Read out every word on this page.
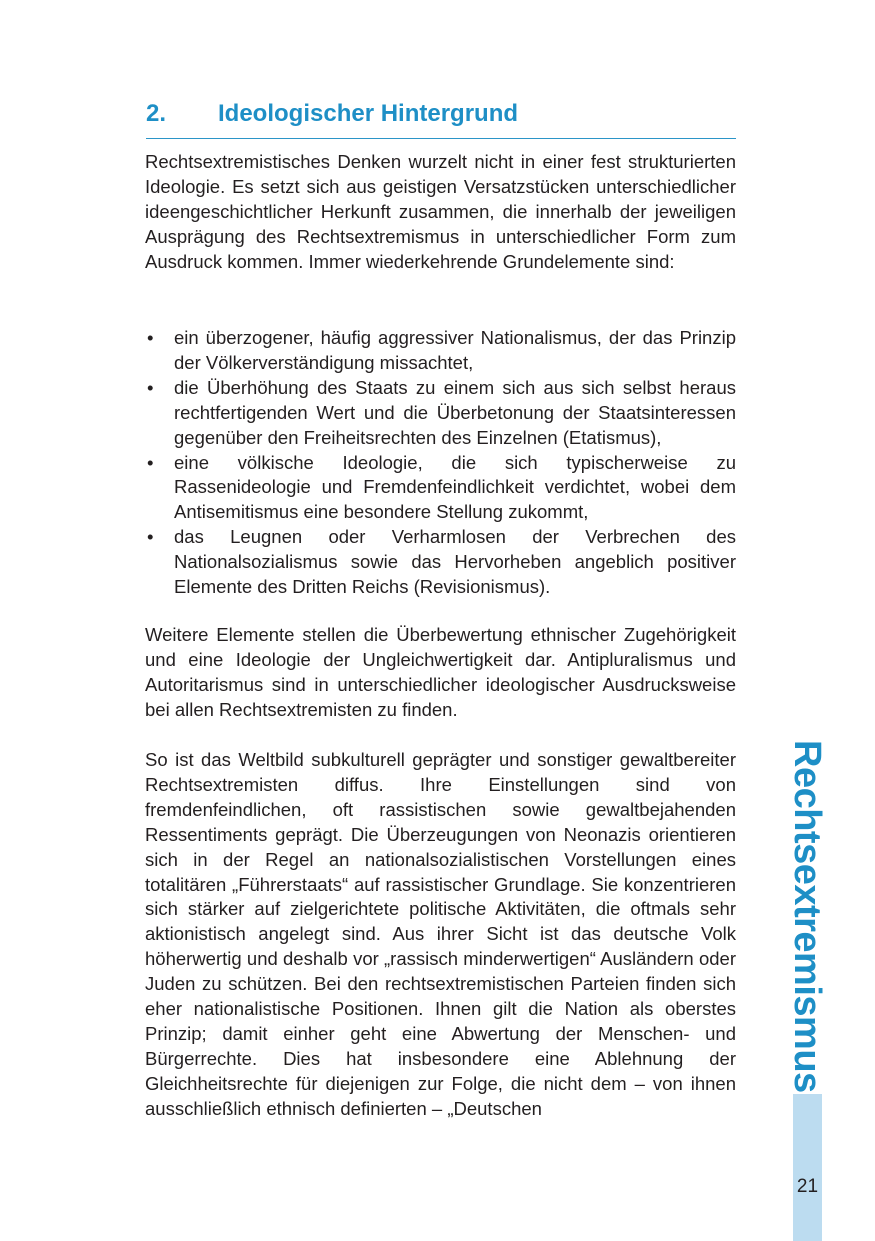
2. Ideologischer Hintergrund

Rechtsextremistisches Denken wurzelt nicht in einer fest strukturierten Ideologie. Es setzt sich aus geistigen Versatzstücken unterschiedlicher ideengeschichtlicher Herkunft zusammen, die innerhalb der jeweiligen Ausprägung des Rechtsextremismus in unterschiedlicher Form zum Ausdruck kommen. Immer wiederkehrende Grundelemente sind:

• ein überzogener, häufig aggressiver Nationalismus, der das Prinzip der Völkerverständigung missachtet,
• die Überhöhung des Staats zu einem sich aus sich selbst heraus rechtfertigenden Wert und die Überbetonung der Staatsinteressen gegenüber den Freiheitsrechten des Einzelnen (Etatismus),
• eine völkische Ideologie, die sich typischerweise zu Rassenideologie und Fremdenfeindlichkeit verdichtet, wobei dem Antisemitismus eine besondere Stellung zukommt,
• das Leugnen oder Verharmlosen der Verbrechen des Nationalsozialismus sowie das Hervorheben angeblich positiver Elemente des Dritten Reichs (Revisionismus).

Weitere Elemente stellen die Überbewertung ethnischer Zugehörigkeit und eine Ideologie der Ungleichwertigkeit dar. Antipluralismus und Autoritarismus sind in unterschiedlicher ideologischer Ausdrucksweise bei allen Rechtsextremisten zu finden.

So ist das Weltbild subkulturell geprägter und sonstiger gewaltbereiter Rechtsextremisten diffus. Ihre Einstellungen sind von fremdenfeindlichen, oft rassistischen sowie gewaltbejahenden Ressentiments geprägt. Die Überzeugungen von Neonazis orientieren sich in der Regel an nationalsozialistischen Vorstellungen eines totalitären „Führerstaats“ auf rassistischer Grundlage. Sie konzentrieren sich stärker auf zielgerichtete politische Aktivitäten, die oftmals sehr aktionistisch angelegt sind. Aus ihrer Sicht ist das deutsche Volk höherwertig und deshalb vor „rassisch minderwertigen“ Ausländern oder Juden zu schützen. Bei den rechtsextremistischen Parteien finden sich eher nationalistische Positionen. Ihnen gilt die Nation als oberstes Prinzip; damit einher geht eine Abwertung der Menschen- und Bürgerrechte. Dies hat insbesondere eine Ablehnung der Gleichheitsrechte für diejenigen zur Folge, die nicht dem – von ihnen ausschließlich ethnisch definierten – „Deutschen

Rechtsextremismus
21
